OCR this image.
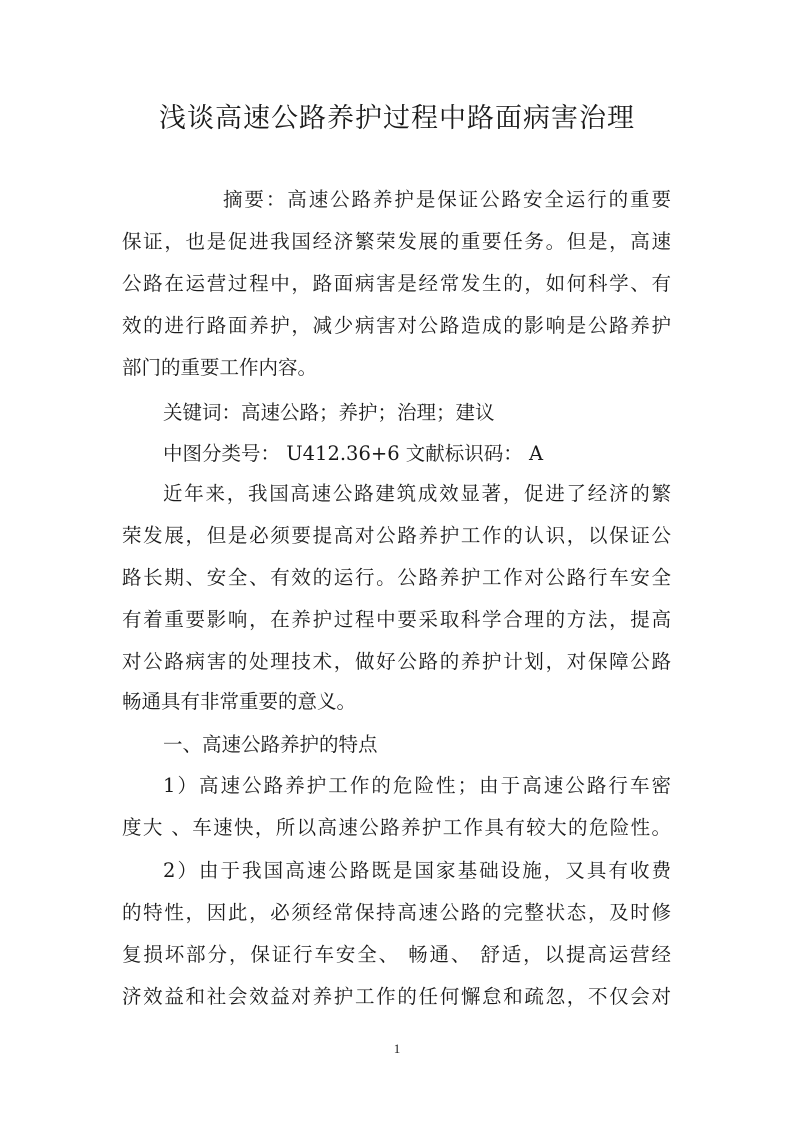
浅谈高速公路养护过程中路面病害治理
摘要：高速公路养护是保证公路安全运行的重要
保证，也是促进我国经济繁荣发展的重要任务。但是，高速
公路在运营过程中，路面病害是经常发生的，如何科学、有
效的进行路面养护，减少病害对公路造成的影响是公路养护
部门的重要工作内容。
关键词：高速公路；养护；治理；建议
中图分类号： U412.36+6 文献标识码： A
近年来，我国高速公路建筑成效显著，促进了经济的繁
荣发展，但是必须要提高对公路养护工作的认识，以保证公
路长期、安全、有效的运行。公路养护工作对公路行车安全
有着重要影响，在养护过程中要采取科学合理的方法，提高
对公路病害的处理技术，做好公路的养护计划，对保障公路
畅通具有非常重要的意义。
一、高速公路养护的特点
1）高速公路养护工作的危险性；由于高速公路行车密
度大 、车速快，所以高速公路养护工作具有较大的危险性。
2）由于我国高速公路既是国家基础设施，又具有收费
的特性，因此，必须经常保持高速公路的完整状态，及时修
复损坏部分，保证行车安全、 畅通、 舒适，以提高运营经
济效益和社会效益对养护工作的任何懈怠和疏忽，不仅会对
1
